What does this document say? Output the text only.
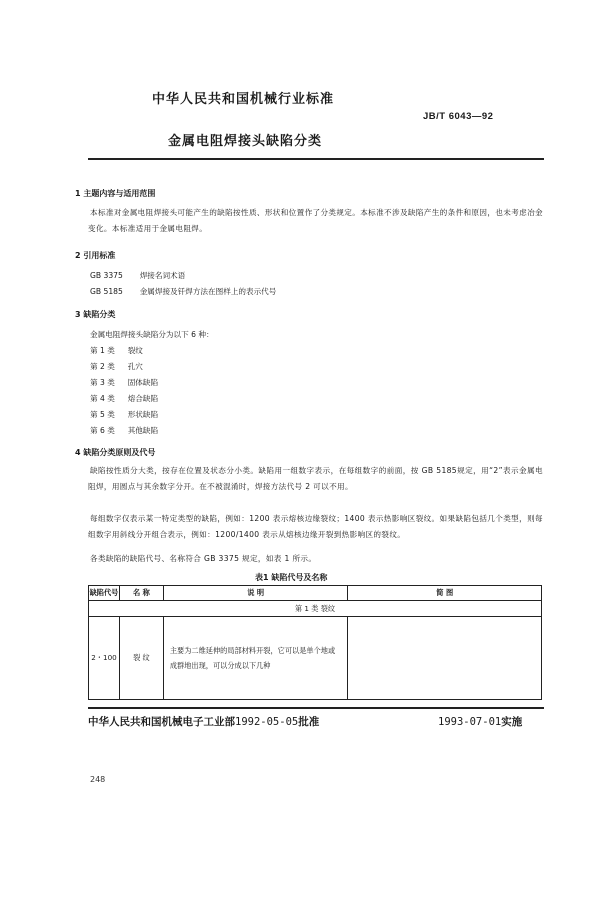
中华人民共和国机械行业标准
JB/T 6043—92
金属电阻焊接头缺陷分类
1 主题内容与适用范围
本标准对金属电阻焊接头可能产生的缺陷按性质、形状和位置作了分类规定。本标准不涉及缺陷产生的条件和原因，也未考虑冶金变化。本标准适用于金属电阻焊。
2 引用标准
GB 3375 焊接名词术语
GB 5185 金属焊接及钎焊方法在图样上的表示代号
3 缺陷分类
金属电阻焊接头缺陷分为以下 6 种：
第 1 类 裂纹
第 2 类 孔穴
第 3 类 固体缺陷
第 4 类 熔合缺陷
第 5 类 形状缺陷
第 6 类 其他缺陷
4 缺陷分类原则及代号
缺陷按性质分大类，按存在位置及状态分小类。缺陷用一组数字表示，在每组数字的前面，按 GB 5185规定，用“2”表示金属电阻焊，用圆点与其余数字分开。在不被混淆时，焊接方法代号 2 可以不用。
每组数字仅表示某一特定类型的缺陷，例如：1200 表示熔核边缘裂纹；1400 表示热影响区裂纹。如果缺陷包括几个类型，则每组数字用斜线分开组合表示，例如：1200/1400 表示从熔核边缘开裂到热影响区的裂纹。
各类缺陷的缺陷代号、名称符合 GB 3375 规定，如表 1 所示。
表1 缺陷代号及名称
缺陷代号	名 称	说 明	简 图
第 1 类 裂纹			
2・100	裂 纹	主要为二维延伸的局部材料开裂，它可以是单个地或成群地出现，可以分成以下几种	
中华人民共和国机械电子工业部1992-05-05批准	1993-07-01实施
248
